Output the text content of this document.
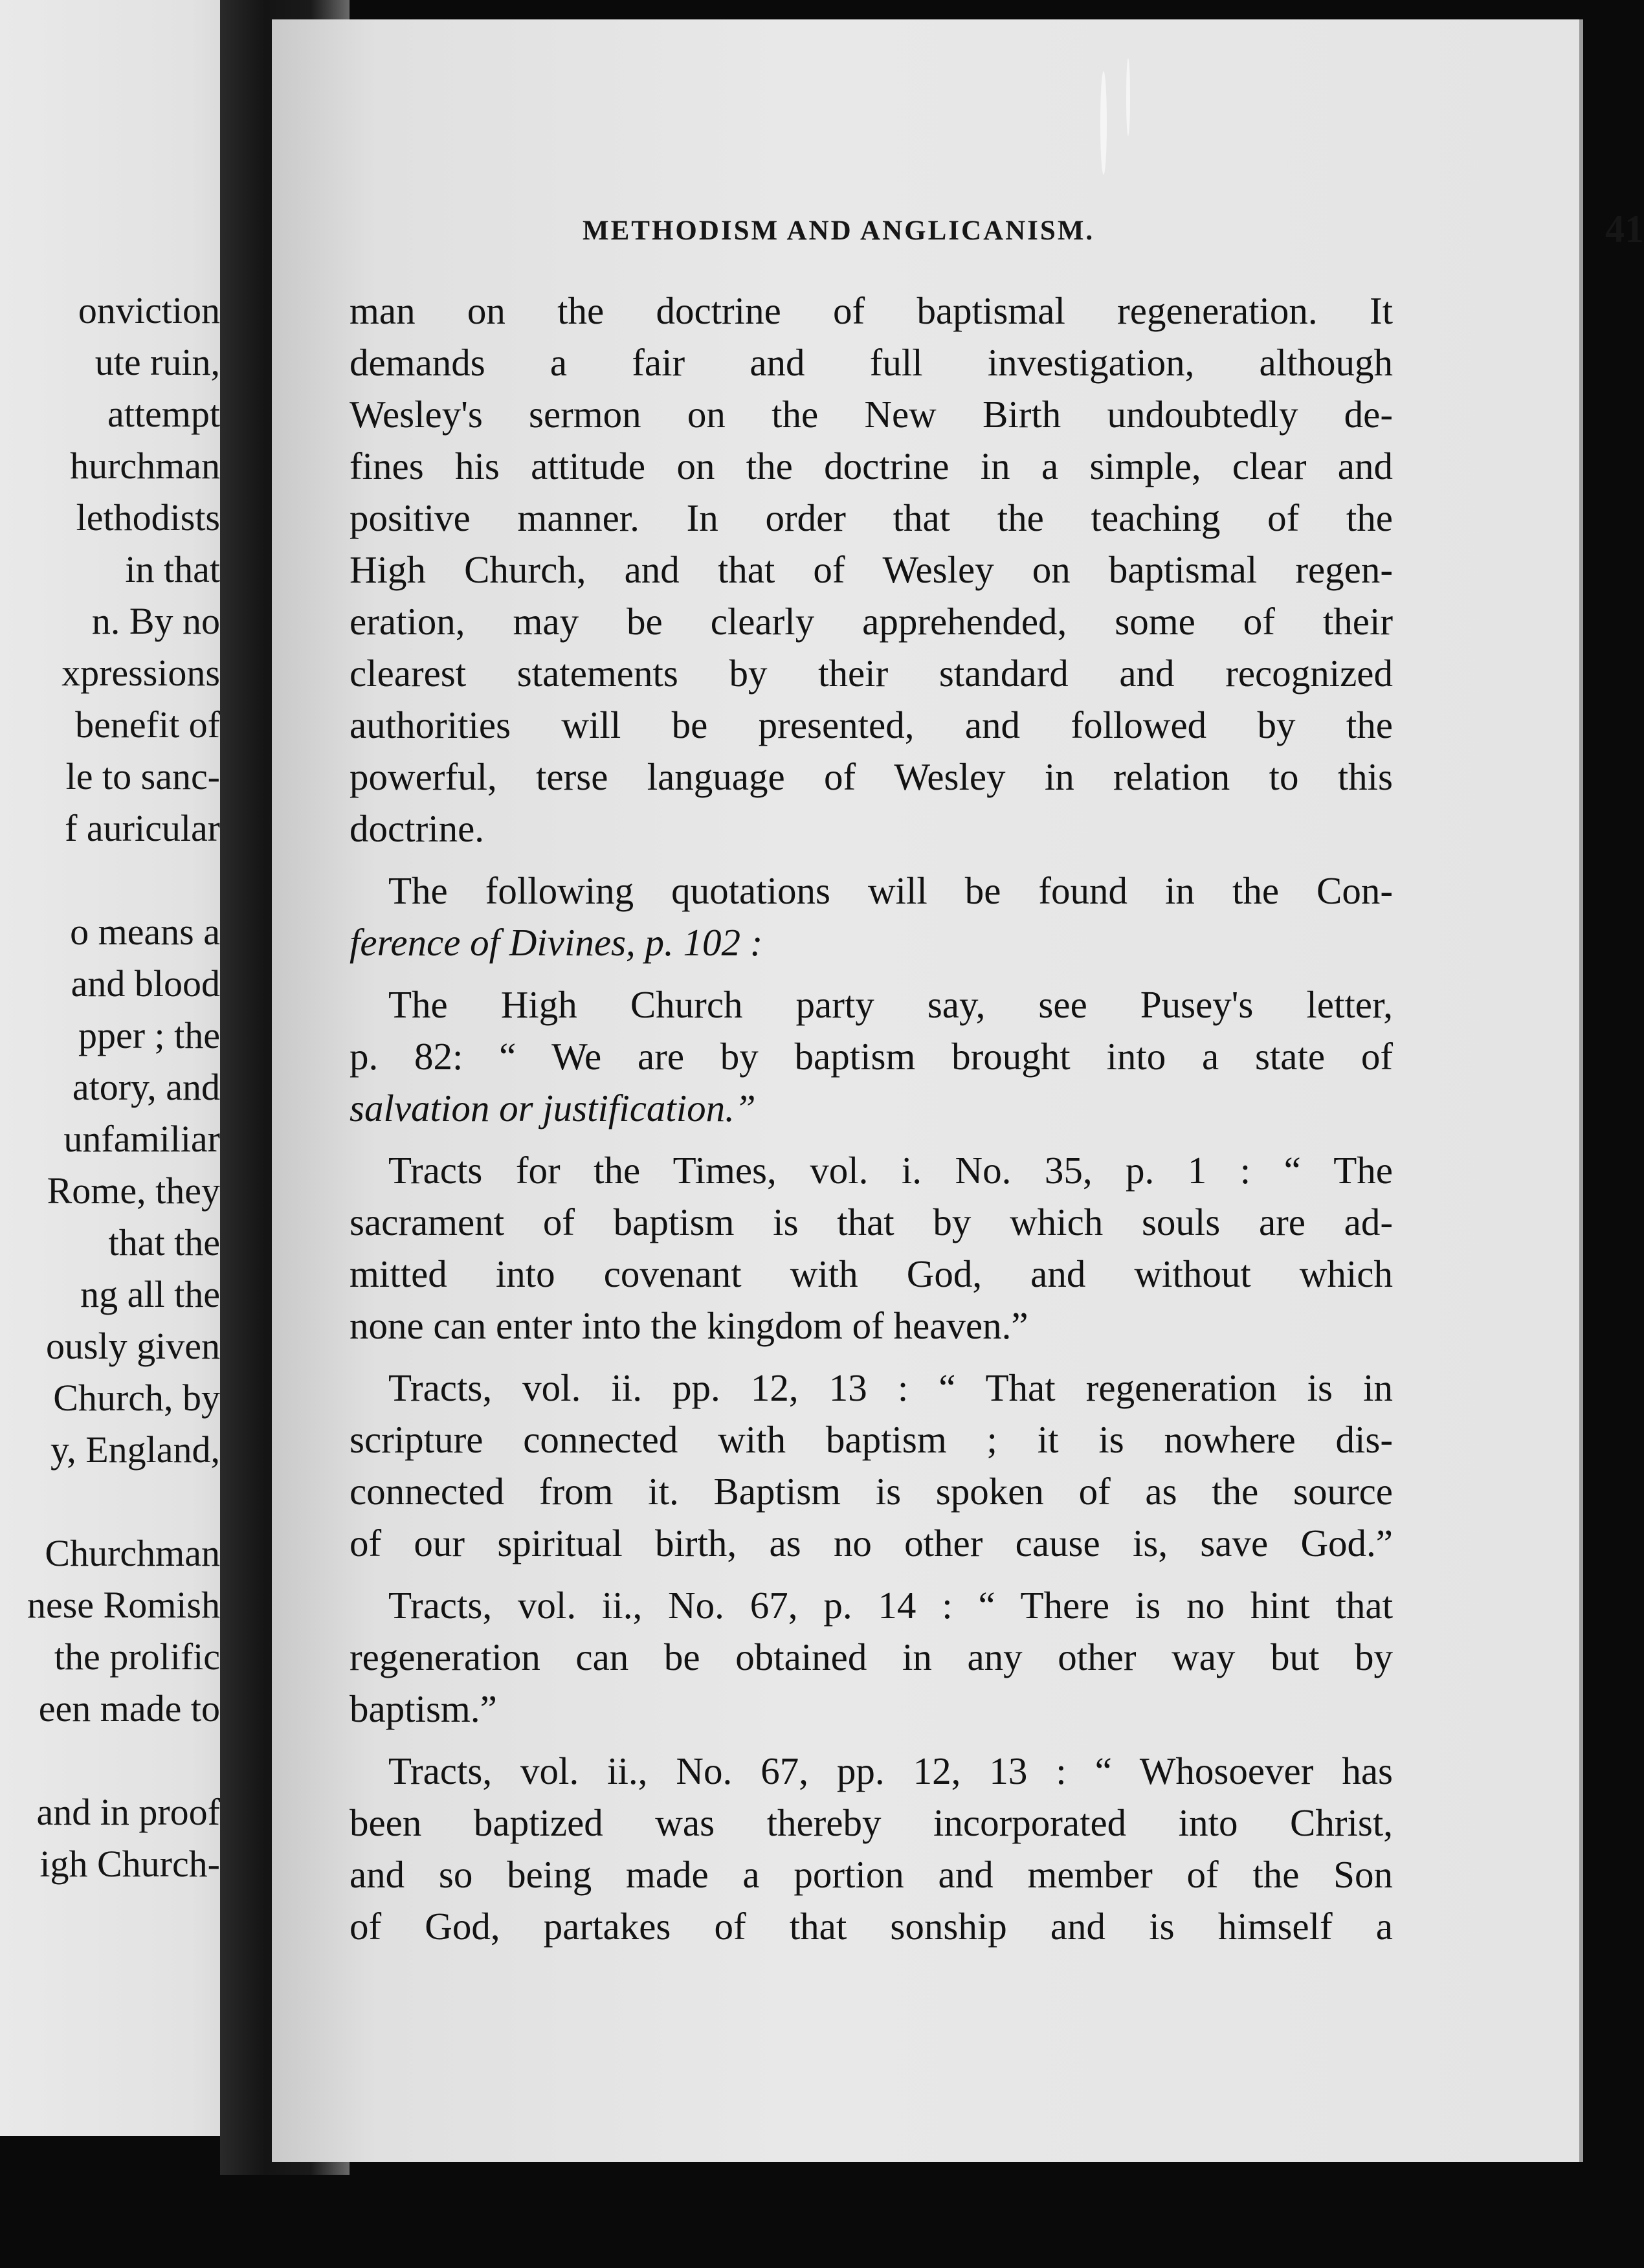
onviction
ute ruin,
attempt
hurchman
lethodists
in that
n. By no
xpressions
benefit of
le to sanc-
f auricular
o means a
and blood
pper ; the
atory, and
unfamiliar
Rome, they
that the
ng all the
ously given
Church, by
y, England,
Churchman
nese Romish
the prolific
een made to
and in proof
igh Church-
METHODISM AND ANGLICANISM.	41
man on the doctrine of baptismal regeneration. It
demands a fair and full investigation, although
Wesley's sermon on the New Birth undoubtedly de-
fines his attitude on the doctrine in a simple, clear and
positive manner. In order that the teaching of the
High Church, and that of Wesley on baptismal regen-
eration, may be clearly apprehended, some of their
clearest statements by their standard and recognized
authorities will be presented, and followed by the
powerful, terse language of Wesley in relation to this
doctrine.
The following quotations will be found in the Con-
ference of Divines, p. 102 :
The High Church party say, see Pusey's letter,
p. 82: “ We are by baptism brought into a state of
salvation or justification.”
Tracts for the Times, vol. i. No. 35, p. 1 : “ The
sacrament of baptism is that by which souls are ad-
mitted into covenant with God, and without which
none can enter into the kingdom of heaven.”
Tracts, vol. ii. pp. 12, 13 : “ That regeneration is in
scripture connected with baptism ; it is nowhere dis-
connected from it. Baptism is spoken of as the source
of our spiritual birth, as no other cause is, save God.”
Tracts, vol. ii., No. 67, p. 14 : “ There is no hint that
regeneration can be obtained in any other way but by
baptism.”
Tracts, vol. ii., No. 67, pp. 12, 13 : “ Whosoever has
been baptized was thereby incorporated into Christ,
and so being made a portion and member of the Son
of God, partakes of that sonship and is himself a
